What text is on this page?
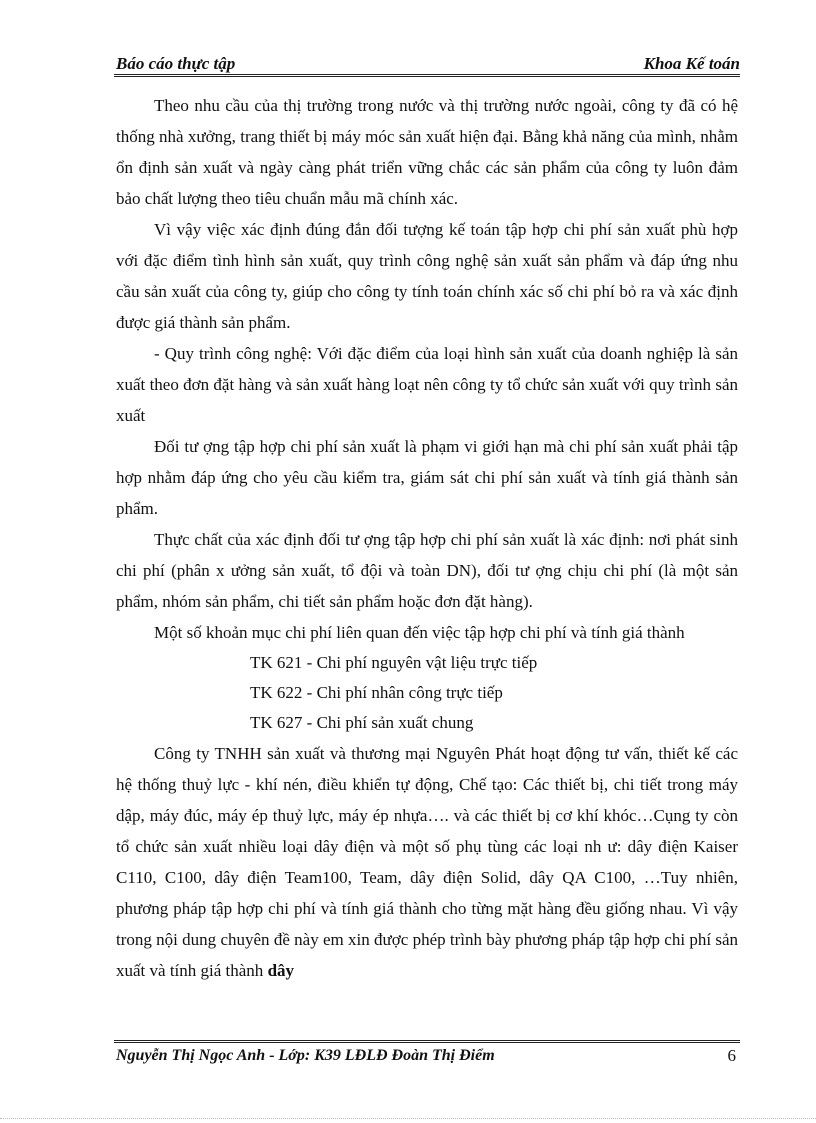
Báo cáo thực tập	Khoa Kế toán

Theo nhu cầu của thị trường trong nước và thị trường nước ngoài, công ty đã có hệ thống nhà xưởng, trang thiết bị máy móc sản xuất hiện đại. Bằng khả năng của mình, nhằm ổn định sản xuất và ngày càng phát triển vững chắc các sản phẩm của công ty luôn đảm bảo chất lượng theo tiêu chuẩn mẫu mã chính xác.

Vì vậy việc xác định đúng đắn đối tượng kế toán tập hợp chi phí sản xuất phù hợp với đặc điểm tình hình sản xuất, quy trình công nghệ sản xuất sản phẩm và đáp ứng nhu cầu sản xuất của công ty, giúp cho công ty tính toán chính xác số chi phí bỏ ra và xác định được giá thành sản phẩm.

- Quy trình công nghệ: Với đặc điểm của loại hình sản xuất của doanh nghiệp là sản xuất theo đơn đặt hàng và sản xuất hàng loạt nên công ty tổ chức sản xuất với quy trình sản xuất

Đối tư ợng tập hợp chi phí sản xuất là phạm vi giới hạn mà chi phí sản xuất phải tập hợp nhằm đáp ứng cho yêu cầu kiểm tra, giám sát chi phí sản xuất và tính giá thành sản phẩm.

Thực chất của xác định đối tư ợng tập hợp chi phí sản xuất là xác định: nơi phát sinh chi phí (phân x ưởng sản xuất, tổ đội và toàn DN), đối tư ợng chịu chi phí (là một sản phẩm, nhóm sản phẩm, chi tiết sản phẩm hoặc đơn đặt hàng).

Một số khoản mục chi phí liên quan đến việc tập hợp chi phí và tính giá thành

TK 621 - Chi phí nguyên vật liệu trực tiếp
TK 622 - Chi phí nhân công trực tiếp
TK 627 - Chi phí sản xuất chung

Công ty TNHH sản xuất và thương mại Nguyên Phát hoạt động tư vấn, thiết kế các hệ thống thuỷ lực - khí nén, điều khiển tự động, Chế tạo: Các thiết bị, chi tiết trong máy dập, máy đúc, máy ép thuỷ lực, máy ép nhựa…. và các thiết bị cơ khí khóc…Cụng ty còn tổ chức sản xuất nhiều loại dây điện và một số phụ tùng các loại nh ư: dây điện Kaiser C110, C100, dây điện Team100, Team, dây điện Solid, dây QA C100, …Tuy nhiên, phương pháp tập hợp chi phí và tính giá thành cho từng mặt hàng đều giống nhau. Vì vậy trong nội dung chuyên đề này em xin được phép trình bày phương pháp tập hợp chi phí sản xuất và tính giá thành dây

Nguyễn Thị Ngọc Anh - Lớp: K39 LĐLĐ Đoàn Thị Điểm	6
